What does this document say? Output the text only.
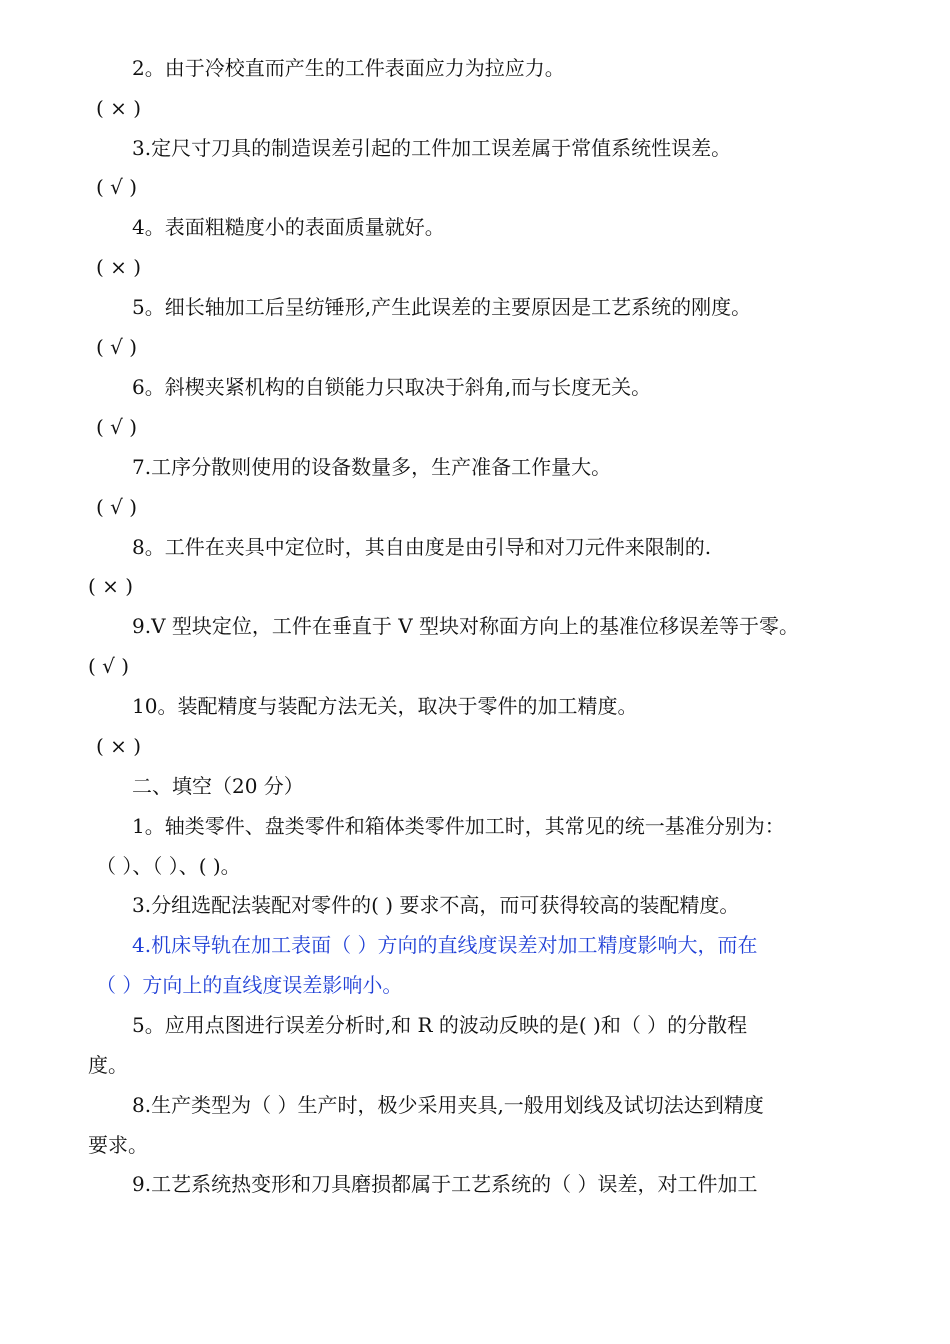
2。由于冷校直而产生的工件表面应力为拉应力。
( × )
3.定尺寸刀具的制造误差引起的工件加工误差属于常值系统性误差。
( √ )
4。表面粗糙度小的表面质量就好。
( × )
5。细长轴加工后呈纺锤形,产生此误差的主要原因是工艺系统的刚度。
( √ )
6。斜楔夹紧机构的自锁能力只取决于斜角,而与长度无关。
( √ )
7.工序分散则使用的设备数量多，生产准备工作量大。
( √ )
8。工件在夹具中定位时，其自由度是由引导和对刀元件来限制的.
( × )
9.V 型块定位，工件在垂直于 V 型块对称面方向上的基准位移误差等于零。
( √ )
10。装配精度与装配方法无关，取决于零件的加工精度。
( × )
二、填空（20 分）
1。轴类零件、盘类零件和箱体类零件加工时，其常见的统一基准分别为：
（ ）、（ ）、( )。
3.分组选配法装配对零件的( ) 要求不高，而可获得较高的装配精度。
4.机床导轨在加工表面（ ）方向的直线度误差对加工精度影响大，而在
（ ）方向上的直线度误差影响小。
5。应用点图进行误差分析时,和 R 的波动反映的是( )和（ ）的分散程
度。
8.生产类型为（ ）生产时，极少采用夹具,一般用划线及试切法达到精度
要求。
9.工艺系统热变形和刀具磨损都属于工艺系统的（ ）误差，对工件加工
